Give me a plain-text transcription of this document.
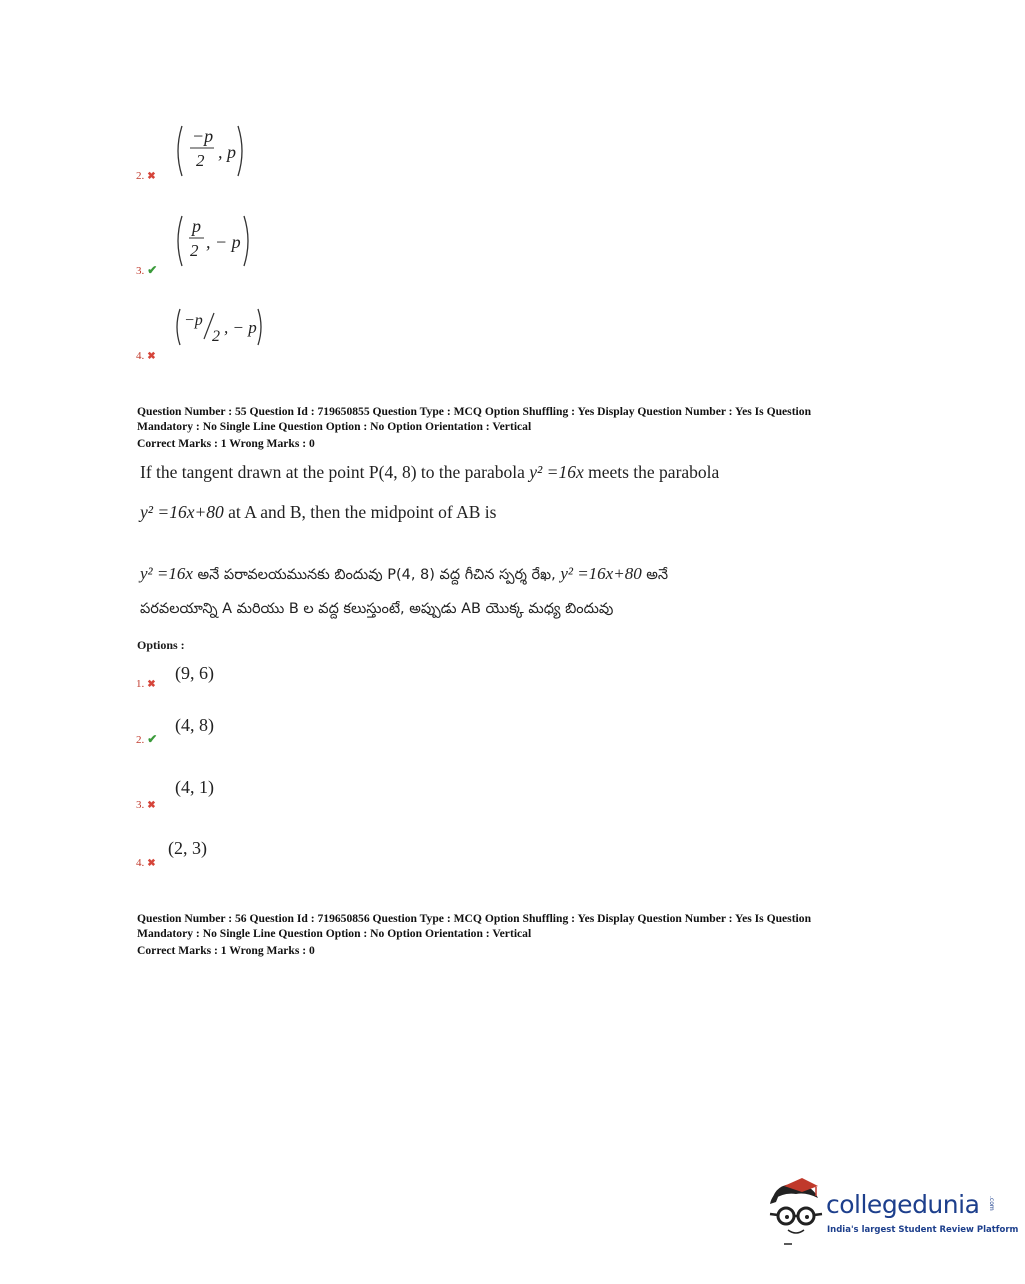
−p
2 , p
2. ✖
p
2 , − p
3. ✔
−p
2 , − p
4. ✖
Question Number : 55 Question Id : 719650855 Question Type : MCQ Option Shuffling : Yes Display Question Number : Yes Is Question
Mandatory : No Single Line Question Option : No Option Orientation : Vertical
Correct Marks : 1 Wrong Marks : 0
If the tangent drawn at the point P(4, 8) to the parabola y² =16x meets the parabola
y² =16x+80 at A and B, then the midpoint of AB is
y² =16x అనే పరావలయమునకు బిందువు P(4, 8) వద్ద గీచిన స్పర్శ రేఖ, y² =16x+80 అనే
పరవలయాన్ని A మరియు B ల వద్ద కలుస్తుంటే, అప్పుడు AB యొక్క మధ్య బిందువు
Options :
(9, 6)
1. ✖
(4, 8)
2. ✔
(4, 1)
3. ✖
(2, 3)
4. ✖
Question Number : 56 Question Id : 719650856 Question Type : MCQ Option Shuffling : Yes Display Question Number : Yes Is Question
Mandatory : No Single Line Question Option : No Option Orientation : Vertical
Correct Marks : 1 Wrong Marks : 0
collegedunia .com
India's largest Student Review Platform
